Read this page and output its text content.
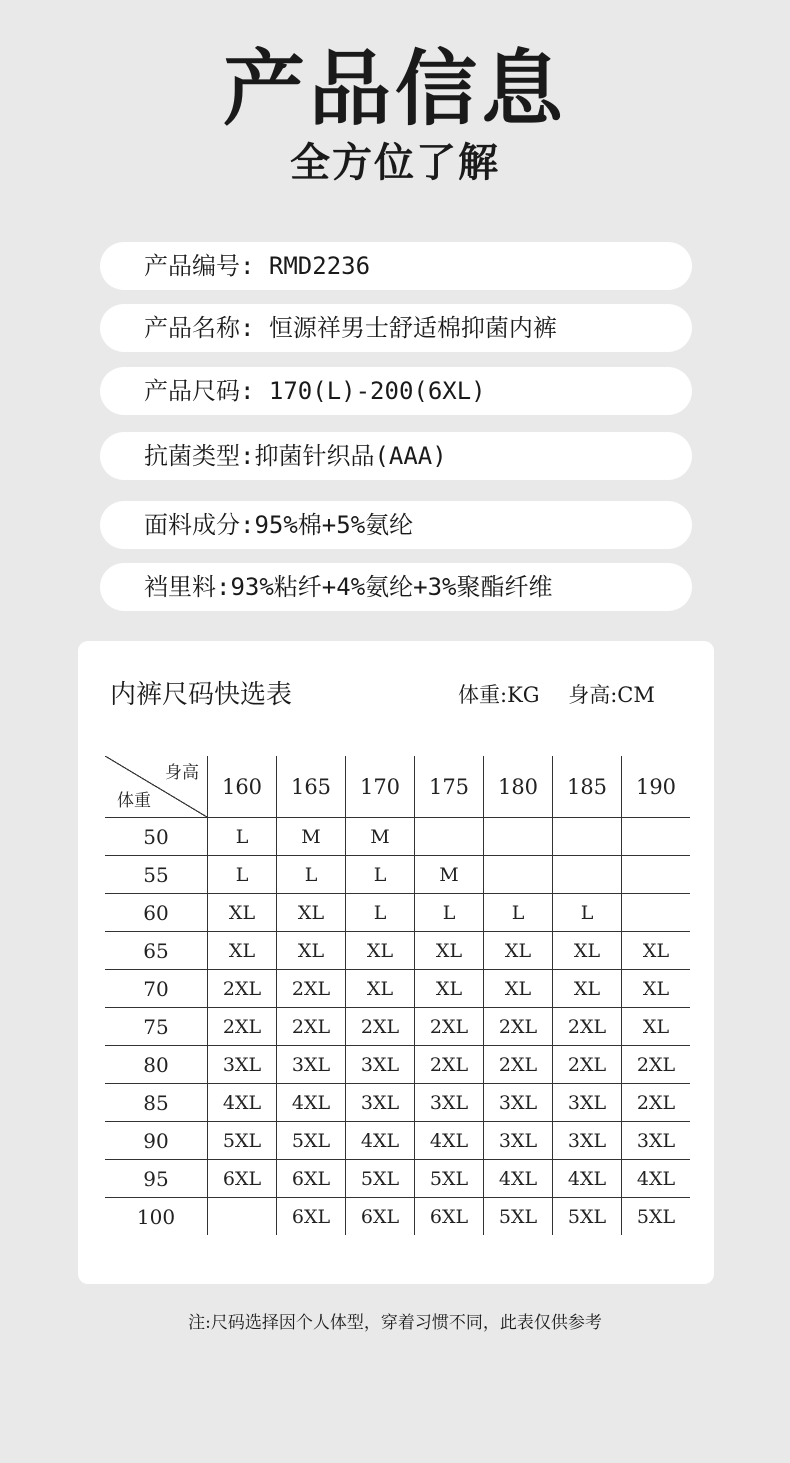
产品信息
全方位了解
产品编号: RMD2236
产品名称: 恒源祥男士舒适棉抑菌内裤
产品尺码: 170(L)-200(6XL)
抗菌类型:抑菌针织品(AAA)
面料成分:95%棉+5%氨纶
裆里料:93%粘纤+4%氨纶+3%聚酯纤维
内裤尺码快选表	体重:KG 身高:CM
身高
体重	160	165	170	175	180	185	190
50	L	M	M				
55	L	L	L	M			
60	XL	XL	L	L	L	L	
65	XL	XL	XL	XL	XL	XL	XL
70	2XL	2XL	XL	XL	XL	XL	XL
75	2XL	2XL	2XL	2XL	2XL	2XL	XL
80	3XL	3XL	3XL	2XL	2XL	2XL	2XL
85	4XL	4XL	3XL	3XL	3XL	3XL	2XL
90	5XL	5XL	4XL	4XL	3XL	3XL	3XL
95	6XL	6XL	5XL	5XL	4XL	4XL	4XL
100		6XL	6XL	6XL	5XL	5XL	5XL
注:尺码选择因个人体型，穿着习惯不同，此表仅供参考
